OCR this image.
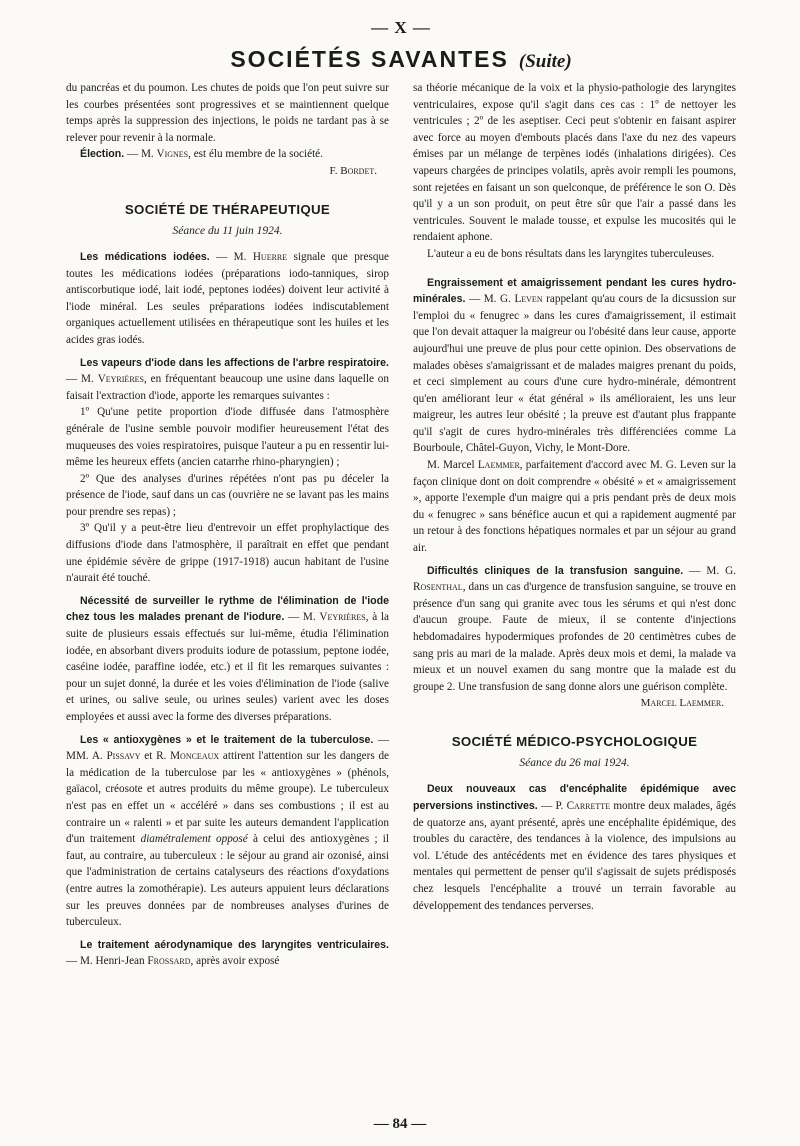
— X —
SOCIÉTÉS SAVANTES (Suite)

du pancréas et du poumon. Les chutes de poids que l'on peut suivre sur les courbes présentées sont progressives et se maintiennent quelque temps après la suppression des injections, le poids ne tardant pas à se relever pour revenir à la normale.

Élection. — M. Vignes, est élu membre de la société.

F. Bordet.
SOCIÉTÉ DE THÉRAPEUTIQUE
Séance du 11 juin 1924.

Les médications iodées. — M. Huerre signale que presque toutes les médications iodées (préparations iodo-tanniques, sirop antiscorbutique iodé, lait iodé, peptones iodées) doivent leur activité à l'iode minéral. Les seules préparations iodées indiscutablement organiques actuellement utilisées en thérapeutique sont les huiles et les acides gras iodés.

Les vapeurs d'iode dans les affections de l'arbre respiratoire. — M. Veyrières, en fréquentant beaucoup une usine dans laquelle on faisait l'extraction d'iode, apporte les remarques suivantes :

1º Qu'une petite proportion d'iode diffusée dans l'atmosphère générale de l'usine semble pouvoir modifier heureusement l'état des muqueuses des voies respiratoires, puisque l'auteur a pu en ressentir lui-même les heureux effets (ancien catarrhe rhino-pharyngien) ;

2º Que des analyses d'urines répétées n'ont pas pu déceler la présence de l'iode, sauf dans un cas (ouvrière ne se lavant pas les mains pour prendre ses repas) ;

3º Qu'il y a peut-être lieu d'entrevoir un effet prophylactique des diffusions d'iode dans l'atmosphère, il paraîtrait en effet que pendant une épidémie sévère de grippe (1917-1918) aucun habitant de l'usine n'aurait été touché.

Nécessité de surveiller le rythme de l'élimination de l'iode chez tous les malades prenant de l'iodure. — M. Veyrières, à la suite de plusieurs essais effectués sur lui-même, étudia l'élimination iodée, en absorbant divers produits iodure de potassium, peptone iodée, caséine iodée, paraffine iodée, etc.) et il fit les remarques suivantes : pour un sujet donné, la durée et les voies d'élimination de l'iode (salive et urines, ou salive seule, ou urines seules) varient avec les doses employées et aussi avec la forme des diverses préparations.

Les « antioxygènes » et le traitement de la tuberculose. — MM. A. Pissavy et R. Monceaux attirent l'attention sur les dangers de la médication de la tuberculose par les « antioxygènes » (phénols, gaïacol, créosote et autres produits du même groupe). Le tuberculeux n'est pas en effet un « accéléré » dans ses combustions ; il est au contraire un « ralenti » et par suite les auteurs demandent l'application d'un traitement diamétralement opposé à celui des antioxygènes ; il faut, au contraire, au tuberculeux : le séjour au grand air ozonisé, ainsi que l'administration de certains catalyseurs des réactions d'oxydations (entre autres la zomothérapie). Les auteurs appuient leurs déclarations sur les preuves données par de nombreuses analyses d'urines de tuberculeux.

Le traitement aérodynamique des laryngites ventriculaires. — M. Henri-Jean Frossard, après avoir exposé

sa théorie mécanique de la voix et la physio-pathologie des laryngites ventriculaires, expose qu'il s'agit dans ces cas : 1º de nettoyer les ventricules ; 2º de les aseptiser. Ceci peut s'obtenir en faisant aspirer avec force au moyen d'embouts placés dans l'axe du nez des vapeurs émises par un mélange de terpènes iodés (inhalations dirigées). Ces vapeurs chargées de principes volatils, après avoir rempli les poumons, sont rejetées en faisant un son quelconque, de préférence le son O. Dès qu'il y a un son produit, on peut être sûr que l'air a passé dans les ventricules. Souvent le malade tousse, et expulse les mucosités qui le rendaient aphone.

L'auteur a eu de bons résultats dans les laryngites tuberculeuses.

Engraissement et amaigrissement pendant les cures hydro-minérales. — M. G. Leven rappelant qu'au cours de la dicsussion sur l'emploi du « fenugrec » dans les cures d'amaigrissement, il estimait que l'on devait attaquer la maigreur ou l'obésité dans leur cause, apporte aujourd'hui une preuve de plus pour cette opinion. Des observations de malades obèses s'amaigrissant et de malades maigres prenant du poids, et ceci simplement au cours d'une cure hydro-minérale, démontrent qu'en améliorant leur « état général » ils amélioraient, les uns leur maigreur, les autres leur obésité ; la preuve est d'autant plus frappante qu'il s'agit de cures hydro-minérales très différenciées comme La Bourboule, Châtel-Guyon, Vichy, le Mont-Dore.

M. Marcel Laemmer, parfaitement d'accord avec M. G. Leven sur la façon clinique dont on doit comprendre « obésité » et « amaigrissement », apporte l'exemple d'un maigre qui a pris pendant près de deux mois du « fenugrec » sans bénéfice aucun et qui a rapidement augmenté par un retour à des fonctions hépatiques normales et par un séjour au grand air.

Difficultés cliniques de la transfusion sanguine. — M. G. Rosenthal, dans un cas d'urgence de transfusion sanguine, se trouve en présence d'un sang qui granite avec tous les sérums et qui n'est donc d'aucun groupe. Faute de mieux, il se contente d'injections hebdomadaires hypodermiques profondes de 20 centimètres cubes de sang pris au mari de la malade. Après deux mois et demi, la malade va mieux et un nouvel examen du sang montre que la malade est du groupe 2. Une transfusion de sang donne alors une guérison complète.

Marcel Laemmer.
SOCIÉTÉ MÉDICO-PSYCHOLOGIQUE
Séance du 26 mai 1924.

Deux nouveaux cas d'encéphalite épidémique avec perversions instinctives. — P. Carrette montre deux malades, âgés de quatorze ans, ayant présenté, après une encéphalite épidémique, des troubles du caractère, des tendances à la violence, des impulsions au vol. L'étude des antécédents met en évidence des tares physiques et mentales qui permettent de penser qu'il s'agissait de sujets prédisposés chez lesquels l'encéphalite a trouvé un terrain favorable au développement des tendances perverses.

— 84 —
